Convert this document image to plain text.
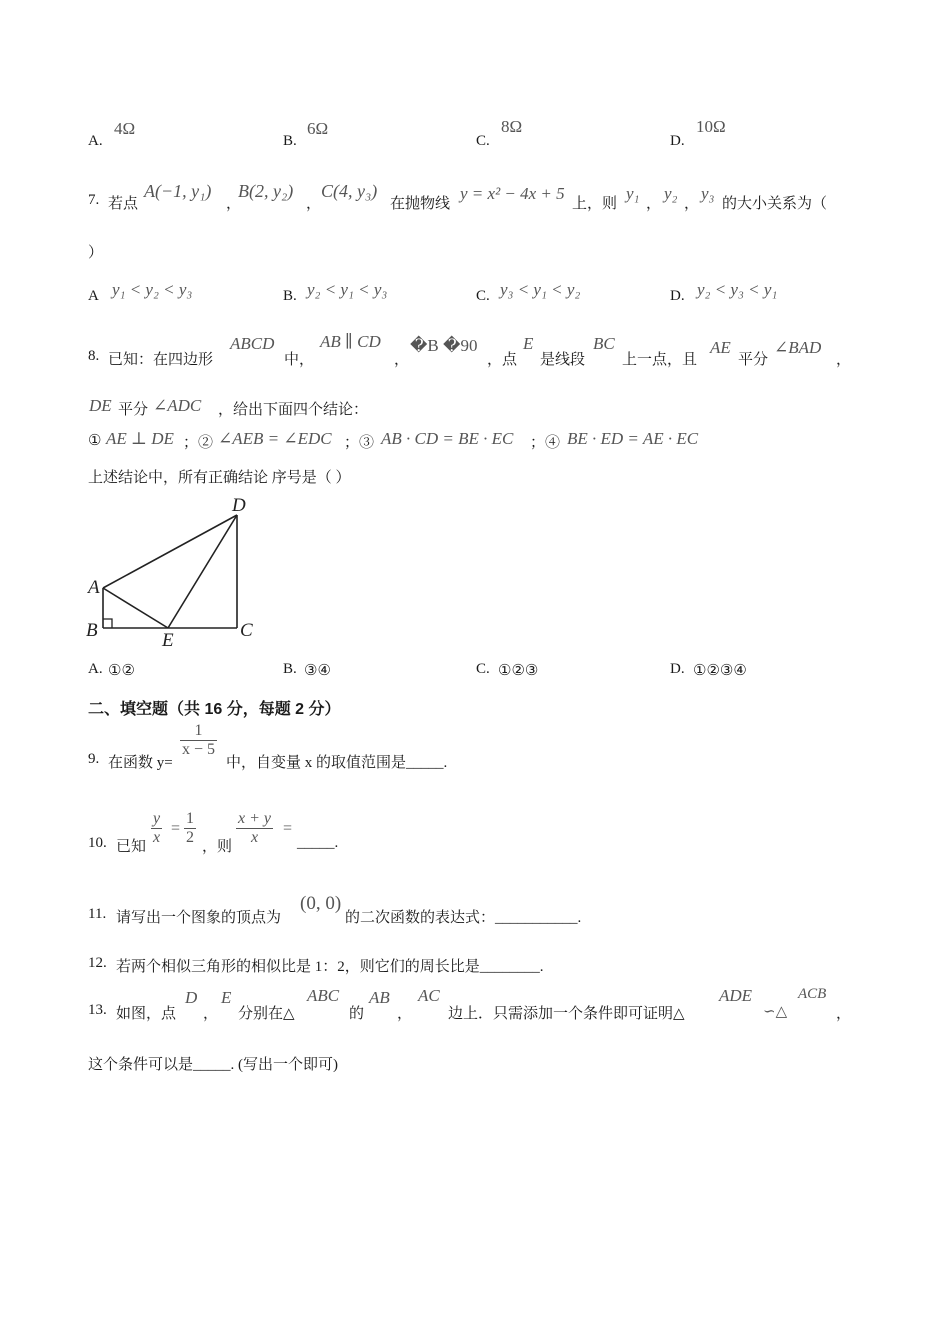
A.
4Ω
B.
6Ω
C.
8Ω
D.
10Ω
7. 若点
A(−1, y₁)
，
B(2, y₂)
，
C(4, y₃)
在抛物线
y = x² − 4x + 5
上，则
y₁
，
y₂
，
y₃
的大小关系为（
）
A y₁ < y₂ < y₃	B. y₂ < y₁ < y₃	C. y₃ < y₁ < y₂	D. y₂ < y₃ < y₁
8. 已知：在四边形
ABCD
中，
AB ∥ CD
，
�B �90
，点
E
是线段
BC
上一点，且
AE
平分
∠BAD
，
DE 平分 ∠ADC ，给出下面四个结论：
① AE ⊥ DE ；② ∠AEB = ∠EDC ；③ AB · CD = BE · EC ；④ BE · ED = AE · EC
上述结论中，所有正确结论 序号是（ ）
D
A
B	C
E
A. ①②	B. ③④	C. ①②③	D. ①②③④
二、填空题（共 16 分，每题 2 分）
9. 在函数 y=
$\frac{1}{x - 5}$
中，自变量 x 的取值范围是_____.
10. 已知 $\frac{y}{x} = \frac{1}{2}$ ，则 $\frac{x + y}{x}$ =
_____.
11. 请写出一个图象的顶点为
(0, 0)
的二次函数的表达式：___________.
12. 若两个相似三角形的相似比是 1：2，则它们的周长比是________.
13. 如图，点
D
，
E
分别在△
ABC
的
AB
，
AC
边上．只需添加一个条件即可证明△
ADE
∽△
ACB
，
这个条件可以是_____. (写出一个即可)
